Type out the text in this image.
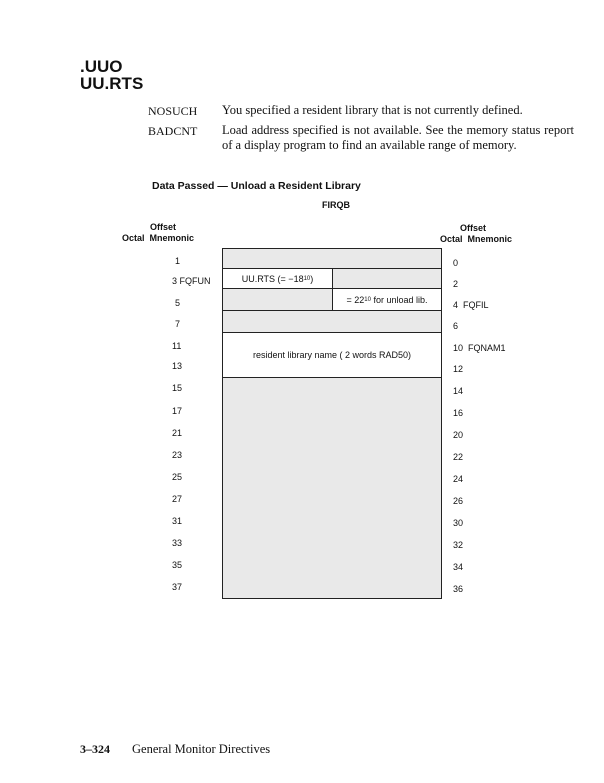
.UUO
UU.RTS
NOSUCH You specified a resident library that is not currently defined.
BADCNT Load address specified is not available. See the memory status report of a display program to find an available range of memory.
Data Passed — Unload a Resident Library
FIRQB
Offset
Octal  Mnemonic
Offset
Octal  Mnemonic
1
3 FQFUN
5
7
11
13
15
17
21
23
25
27
31
33
35
37
0
2
4  FQFIL
6
10  FQNAM1
12
14
16
20
22
24
26
30
32
34
36
UU.RTS (= −18 10 )
= 22 10 for unload lib.
resident library name ( 2 words RAD50)
3–324 General Monitor Directives
